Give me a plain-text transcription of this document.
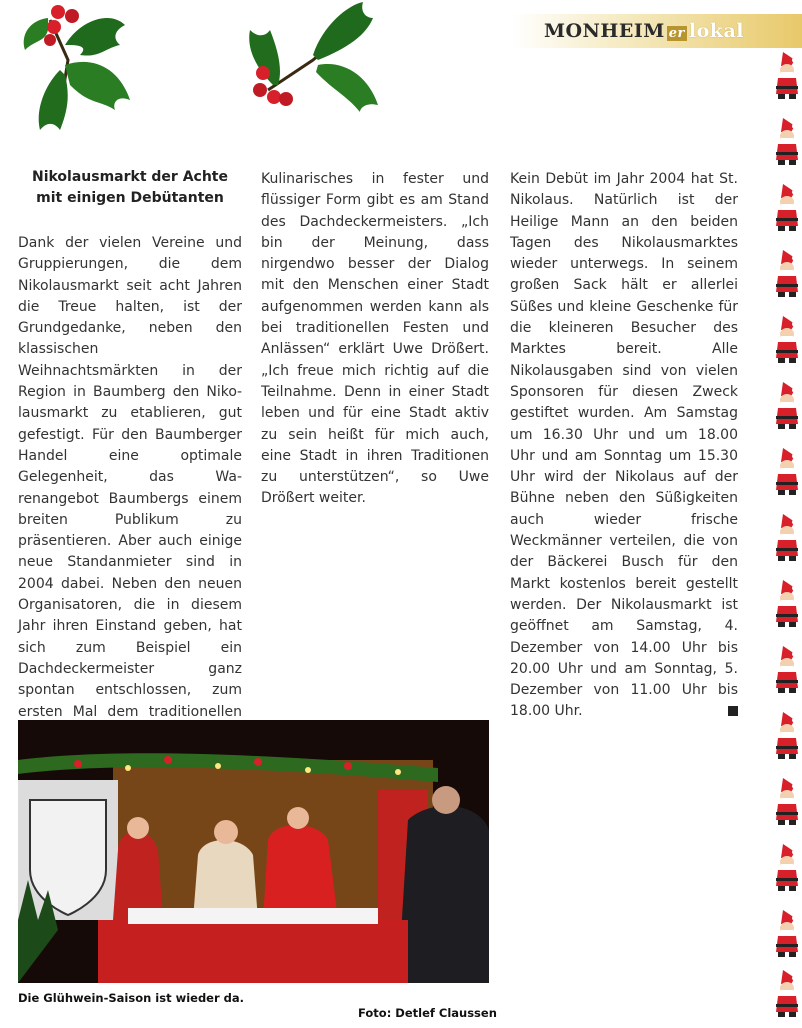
MONHEIM er lokal
Nikolausmarkt der Achte
mit einigen Debütanten

Dank der vielen Vereine und Gruppierungen, die dem Nikolausmarkt seit acht Jahren die Treue halten, ist der Grundgedanke, neben den klassischen Weihnachtsmärkten in der Region in Baumberg den Nikolausmarkt zu etablieren, gut gefestigt. Für den Baumberger Handel eine optimale Gelegenheit, das Warenangebot Baumbergs einem breiten Publikum zu präsentieren. Aber auch einige neue Standanmieter sind in 2004 dabei. Neben den neuen Organisatoren, die in diesem Jahr ihren Einstand geben, hat sich zum Beispiel ein Dachdeckermeister ganz spontan entschlossen, zum ersten Mal dem traditionellen

Kulinarisches in fester und flüssiger Form gibt es am Stand des Dachdeckermeisters. „Ich bin der Meinung, dass nirgendwo besser der Dialog mit den Menschen einer Stadt aufgenommen werden kann als bei traditionellen Festen und Anlässen“ erklärt Uwe Drößert. „Ich freue mich richtig auf die Teilnahme. Denn in einer Stadt leben und für eine Stadt aktiv zu sein heißt für mich auch, eine Stadt in ihren Traditionen zu unterstützen“, so Uwe Drößert weiter.

Kein Debüt im Jahr 2004 hat St. Nikolaus. Natürlich ist der Heilige Mann an den beiden Tagen des Nikolausmarktes wieder unterwegs. In seinem großen Sack hält er allerlei Süßes und kleine Geschenke für die kleineren Besucher des Marktes bereit. Alle Nikolausgaben sind von vielen Sponsoren für diesen Zweck gestiftet wurden. Am Samstag um 16.30 Uhr und um 18.00 Uhr und am Sonntag um 15.30 Uhr wird der Nikolaus auf der Bühne neben den Süßigkeiten auch wieder frische Weckmänner verteilen, die von der Bäckerei Busch für den Markt kostenlos bereit gestellt werden. Der Nikolausmarkt ist geöffnet am Samstag, 4. Dezember von 14.00 Uhr bis 20.00 Uhr und am Sonntag, 5. Dezember von 11.00 Uhr bis 18.00 Uhr.

Die Glühwein-Saison ist wieder da.
Foto: Detlef Claussen
